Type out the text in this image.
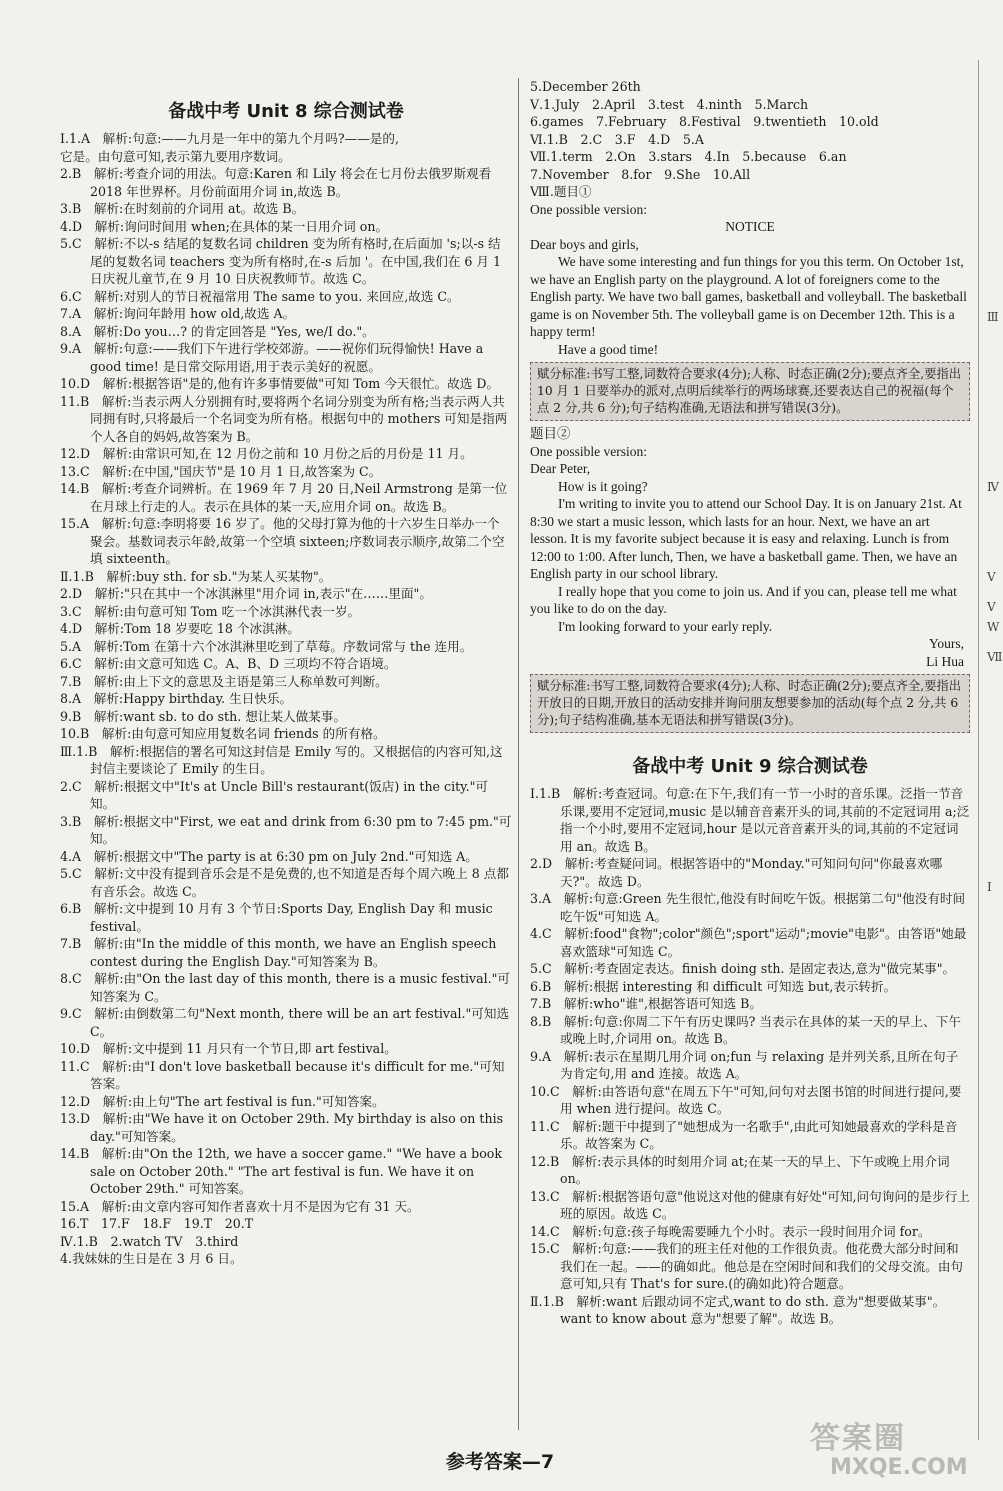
备战中考 Unit 8 综合测试卷
Ⅰ.1.A　解析:句意:——九月是一年中的第九个月吗?——是的,
它是。由句意可知,表示第九要用序数词。
2.B　解析:考查介词的用法。句意:Karen 和 Lily 将会在七月份去俄罗斯观看 2018 年世界杯。月份前面用介词 in,故选 B。
3.B　解析:在时刻前的介词用 at。故选 B。
4.D　解析:询问时间用 when;在具体的某一日用介词 on。
5.C　解析:不以-s 结尾的复数名词 children 变为所有格时,在后面加 's;以-s 结尾的复数名词 teachers 变为所有格时,在-s 后加 '。在中国,我们在 6 月 1 日庆祝儿童节,在 9 月 10 日庆祝教师节。故选 C。
6.C　解析:对别人的节日祝福常用 The same to you. 来回应,故选 C。
7.A　解析:询问年龄用 how old,故选 A。
8.A　解析:Do you…? 的肯定回答是 "Yes, we/I do."。
9.A　解析:句意:——我们下午进行学校郊游。——祝你们玩得愉快! Have a good time! 是日常交际用语,用于表示美好的祝愿。
10.D　解析:根据答语"是的,他有许多事情要做"可知 Tom 今天很忙。故选 D。
11.B　解析:当表示两人分别拥有时,要将两个名词分别变为所有格;当表示两人共同拥有时,只将最后一个名词变为所有格。根据句中的 mothers 可知是指两个人各自的妈妈,故答案为 B。
12.D　解析:由常识可知,在 12 月份之前和 10 月份之后的月份是 11 月。
13.C　解析:在中国,"国庆节"是 10 月 1 日,故答案为 C。
14.B　解析:考查介词辨析。在 1969 年 7 月 20 日,Neil Armstrong 是第一位在月球上行走的人。表示在具体的某一天,应用介词 on。故选 B。
15.A　解析:句意:李明将要 16 岁了。他的父母打算为他的十六岁生日举办一个聚会。基数词表示年龄,故第一个空填 sixteen;序数词表示顺序,故第二个空填 sixteenth。
Ⅱ.1.B　解析:buy sth. for sb."为某人买某物"。
2.D　解析:"只在其中一个冰淇淋里"用介词 in,表示"在……里面"。
3.C　解析:由句意可知 Tom 吃一个冰淇淋代表一岁。
4.D　解析:Tom 18 岁要吃 18 个冰淇淋。
5.A　解析:Tom 在第十六个冰淇淋里吃到了草莓。序数词常与 the 连用。
6.C　解析:由文意可知选 C。A、B、D 三项均不符合语境。
7.B　解析:由上下文的意思及主语是第三人称单数可判断。
8.A　解析:Happy birthday. 生日快乐。
9.B　解析:want sb. to do sth. 想让某人做某事。
10.B　解析:由句意可知应用复数名词 friends 的所有格。
Ⅲ.1.B　解析:根据信的署名可知这封信是 Emily 写的。又根据信的内容可知,这封信主要谈论了 Emily 的生日。
2.C　解析:根据文中"It's at Uncle Bill's restaurant(饭店) in the city."可知。
3.B　解析:根据文中"First, we eat and drink from 6:30 pm to 7:45 pm."可知。
4.A　解析:根据文中"The party is at 6:30 pm on July 2nd."可知选 A。
5.C　解析:文中没有提到音乐会是不是免费的,也不知道是否每个周六晚上 8 点都有音乐会。故选 C。
6.B　解析:文中提到 10 月有 3 个节日:Sports Day, English Day 和 music festival。
7.B　解析:由"In the middle of this month, we have an English speech contest during the English Day."可知答案为 B。
8.C　解析:由"On the last day of this month, there is a music festival."可知答案为 C。
9.C　解析:由倒数第二句"Next month, there will be an art festival."可知选 C。
10.D　解析:文中提到 11 月只有一个节日,即 art festival。
11.C　解析:由"I don't love basketball because it's difficult for me."可知答案。
12.D　解析:由上句"The art festival is fun."可知答案。
13.D　解析:由"We have it on October 29th. My birthday is also on this day."可知答案。
14.B　解析:由"On the 12th, we have a soccer game." "We have a book sale on October 20th." "The art festival is fun. We have it on October 29th." 可知答案。
15.A　解析:由文章内容可知作者喜欢十月不是因为它有 31 天。
16.T　17.F　18.F　19.T　20.T
Ⅳ.1.B　2.watch TV　3.third
4.我妹妹的生日是在 3 月 6 日。
5.December 26th
Ⅴ.1.July　2.April　3.test　4.ninth　5.March
6.games　7.February　8.Festival　9.twentieth　10.old
Ⅵ.1.B　2.C　3.F　4.D　5.A
Ⅶ.1.term　2.On　3.stars　4.In　5.because　6.an
7.November　8.for　9.She　10.All
Ⅷ.题目①
One possible version:
NOTICE
Dear boys and girls,
We have some interesting and fun things for you this term. On October 1st, we have an English party on the playground. A lot of foreigners come to the English party. We have two ball games, basketball and volleyball. The basketball game is on November 5th. The volleyball game is on December 12th. This is a happy term!
Have a good time!
赋分标准:书写工整,词数符合要求(4分);人称、时态正确(2分);要点齐全,要指出 10 月 1 日要举办的派对,点明后续举行的两场球赛,还要表达自己的祝福(每个点 2 分,共 6 分);句子结构准确,无语法和拼写错误(3分)。
题目②
One possible version:
Dear Peter,
How is it going?
I'm writing to invite you to attend our School Day. It is on January 21st. At 8:30 we start a music lesson, which lasts for an hour. Next, we have an art lesson. It is my favorite subject because it is easy and relaxing. Lunch is from 12:00 to 1:00. After lunch, Then, we have a basketball game. Then, we have an English party in our school library.
I really hope that you come to join us. And if you can, please tell me what you like to do on the day.
I'm looking forward to your early reply.
Yours,
Li Hua
赋分标准:书写工整,词数符合要求(4分);人称、时态正确(2分);要点齐全,要指出开放日的日期,开放日的活动安排并询问朋友想要参加的活动(每个点 2 分,共 6 分);句子结构准确,基本无语法和拼写错误(3分)。
备战中考 Unit 9 综合测试卷
Ⅰ.1.B　解析:考查冠词。句意:在下午,我们有一节一小时的音乐课。泛指一节音乐课,要用不定冠词,music 是以辅音音素开头的词,其前的不定冠词用 a;泛指一个小时,要用不定冠词,hour 是以元音音素开头的词,其前的不定冠词用 an。故选 B。
2.D　解析:考查疑问词。根据答语中的"Monday."可知问句问"你最喜欢哪天?"。故选 D。
3.A　解析:句意:Green 先生很忙,他没有时间吃午饭。根据第二句"他没有时间吃午饭"可知选 A。
4.C　解析:food"食物";color"颜色";sport"运动";movie"电影"。由答语"她最喜欢篮球"可知选 C。
5.C　解析:考查固定表达。finish doing sth. 是固定表达,意为"做完某事"。
6.B　解析:根据 interesting 和 difficult 可知选 but,表示转折。
7.B　解析:who"谁",根据答语可知选 B。
8.B　解析:句意:你周二下午有历史课吗? 当表示在具体的某一天的早上、下午或晚上时,介词用 on。故选 B。
9.A　解析:表示在星期几用介词 on;fun 与 relaxing 是并列关系,且所在句子为肯定句,用 and 连接。故选 A。
10.C　解析:由答语句意"在周五下午"可知,问句对去图书馆的时间进行提问,要用 when 进行提问。故选 C。
11.C　解析:题干中提到了"她想成为一名歌手",由此可知她最喜欢的学科是音乐。故答案为 C。
12.B　解析:表示具体的时刻用介词 at;在某一天的早上、下午或晚上用介词 on。
13.C　解析:根据答语句意"他说这对他的健康有好处"可知,问句询问的是步行上班的原因。故选 C。
14.C　解析:句意:孩子每晚需要睡九个小时。表示一段时间用介词 for。
15.C　解析:句意:——我们的班主任对他的工作很负责。他花费大部分时间和我们在一起。——的确如此。他总是在空闲时间和我们的父母交流。由句意可知,只有 That's for sure.(的确如此)符合题意。
Ⅱ.1.B　解析:want 后跟动词不定式,want to do sth. 意为"想要做某事"。want to know about 意为"想要了解"。故选 B。
Ⅲ
Ⅳ
V
V
W
Ⅶ
I
参考答案—7
答案圈
MXQE.COM
